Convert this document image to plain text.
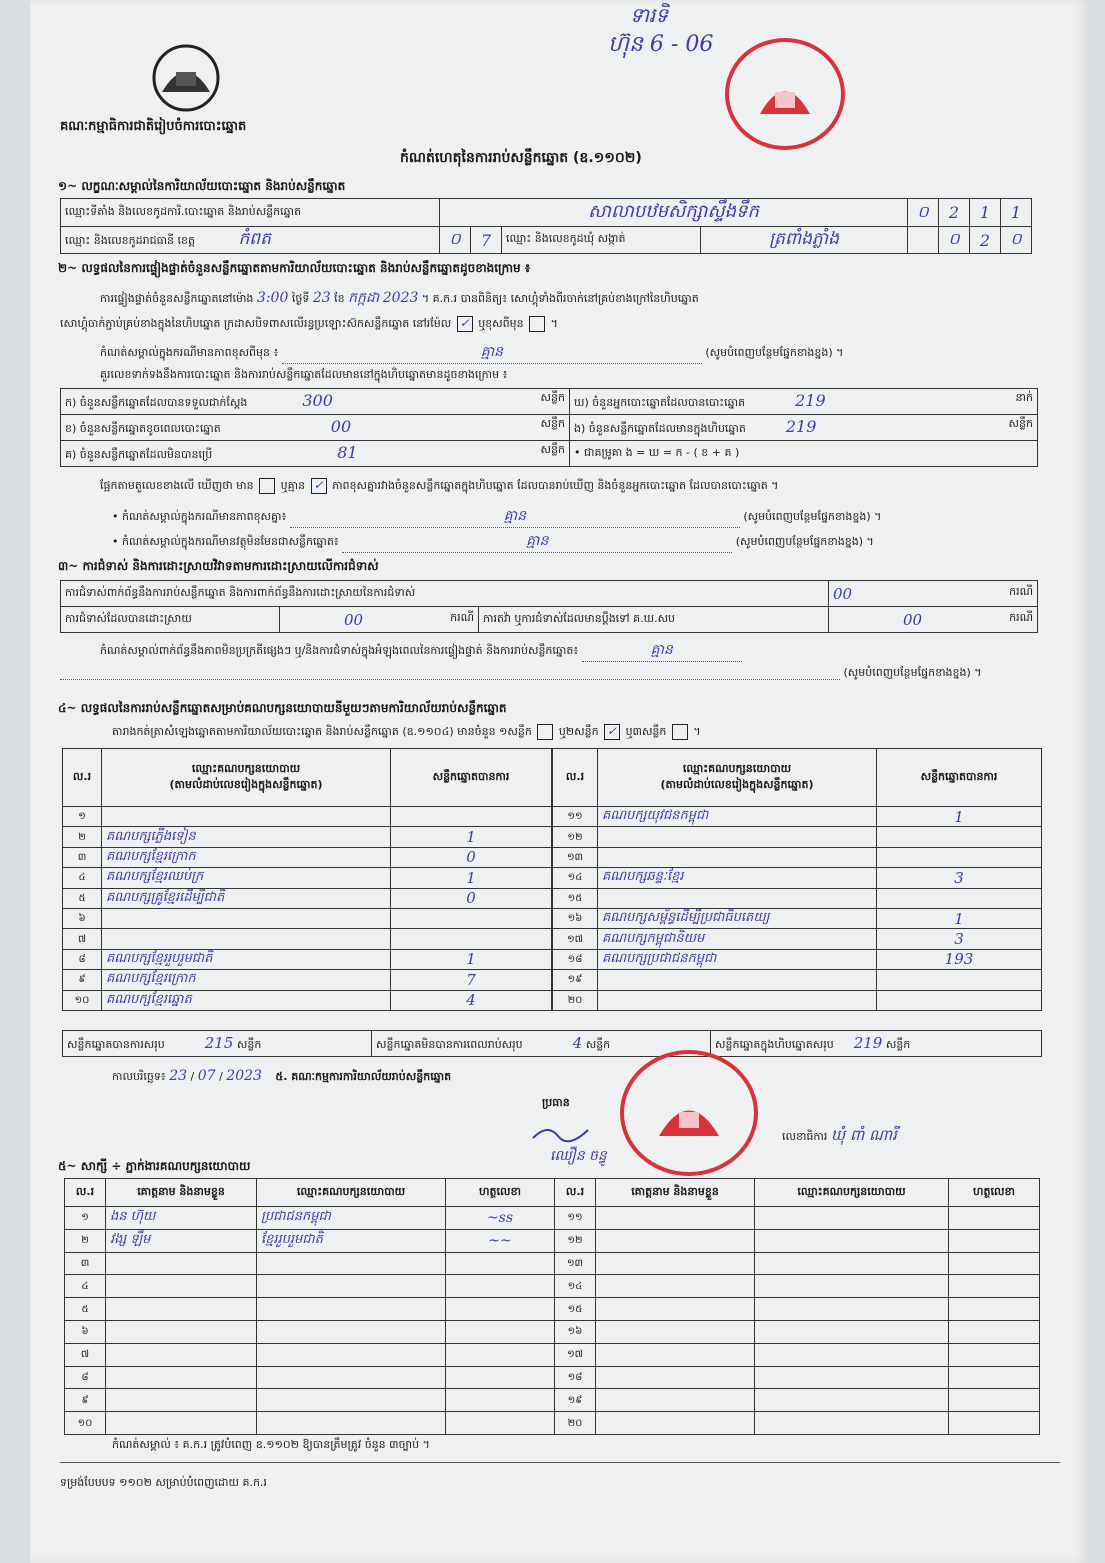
គណៈកម្មាធិការជាតិរៀបចំការបោះឆ្នោត
ទារទិ
ហ៊ុន 6 - 06
កំណត់ហេតុនៃការរាប់សន្លឹកឆ្នោត (ឧ.១១០២)
១~ លក្ខណៈសម្គាល់នៃការិយាល័យបោះឆ្នោត និងរាប់សន្លឹកឆ្នោត
ឈ្មោះទីតាំង និងលេខកូដការិ.បោះឆ្នោត និងរាប់សន្លឹកឆ្នោត	សាលាបឋមសិក្សាស្ទឹងទឹក				០	2	1	1
ឈ្មោះ និងលេខកូដរាជធានី ខេត្ត កំពត	០	7	ឈ្មោះ និងលេខកូដឃុំ សង្កាត់	ត្រពាំងភ្លាំង		០	2	០
២~ លទ្ធផលនៃការផ្ទៀងផ្ទាត់ចំនួនសន្លឹកឆ្នោតតាមការិយាល័យបោះឆ្នោត និងរាប់សន្លឹកឆ្នោតដូចខាងក្រោម ៖
ការផ្ទៀងផ្ទាត់ចំនួនសន្លឹកឆ្នោតនៅម៉ោង 3:00 ថ្ងៃទី 23 ខែ កក្កដា 2023 ។ គ.ក.រ បានពិនិត្យ៖ សោហ្គុំទាំងពីរចាក់នៅគ្រប់ខាងក្រៅនៃហិបឆ្នោត
សោហ្គុំចាក់ភ្ជាប់គ្រប់ខាងក្នុងនៃហិបឆ្នោត ក្រដាសបិទពាសលើរន្ធប្រឡោះស៊កសន្លឹកឆ្នោត នៅរម៉ែល ✓ ឬខុសពីមុន  ។
កំណត់សម្គាល់ក្នុងករណីមានភាពខុសពីមុន ៖	គ្មាន	(សូមបំពេញបន្ថែមផ្នែកខាងខ្នង) ។
គួរលេខទាក់ទងនឹងការបោះឆ្នោត និងការរាប់សន្លឹកឆ្នោតដែលមាននៅក្នុងហិបឆ្នោតមានដូចខាងក្រោម ៖
ក) ចំនួនសន្លឹកឆ្នោតដែលបានទទួលជាក់ស្តែង 300 សន្លឹក	ឃ) ចំនួនអ្នកបោះឆ្នោតដែលបានបោះឆ្នោត 219 នាក់

ខ) ចំនួនសន្លឹកឆ្នោតខូចពេលបោះឆ្នោត 00 សន្លឹក	ង) ចំនួនសន្លឹកឆ្នោតដែលមានក្នុងហិបឆ្នោត 219 សន្លឹក

គ) ចំនួនសន្លឹកឆ្នោតដែលមិនបានប្រើ 81 សន្លឹក	• ជាគម្រូគា ង = ឃ = ក - ( ខ + គ )
ផ្អែកតាមតួលេខខាងលើ ឃើញថា មាន ឬគ្មាន ✓ ភាពខុសគ្នារវាងចំនួនសន្លឹកឆ្នោតក្នុងហិបឆ្នោត ដែលបានរាប់ឃើញ និងចំនួនអ្នកបោះឆ្នោត ដែលបានបោះឆ្នោត ។
• កំណត់សម្គាល់ក្នុងករណីមានភាពខុសគ្នា៖	គ្មាន	(សូមបំពេញបន្ថែមផ្នែកខាងខ្នង) ។
• កំណត់សម្គាល់ក្នុងករណីមានវត្ថុមិនមែនជាសន្លឹកឆ្នោត៖	គ្មាន	(សូមបំពេញបន្ថែមផ្នែកខាងខ្នង) ។
៣~ ការជំទាស់ និងការដោះស្រាយវិវាទតាមការដោះស្រាយលើការជំទាស់
ការជំទាស់ពាក់ព័ន្ធនឹងការរាប់សន្លឹកឆ្នោត និងការពាក់ព័ន្ធនឹងការដោះស្រាយនៃការជំទាស់			00 ករណី

ការជំទាស់ដែលបានដោះស្រាយ	00 ករណី	ការតវ៉ា ឬការជំទាស់ដែលមានប្តឹងទៅ គ.ឃ.សប	00 ករណី
កំណត់សម្គាល់ពាក់ព័ន្ធនឹងភាពមិនប្រក្រតីផ្សេងៗ ឬ/និងការជំទាស់ក្នុងអំឡុងពេលនៃការផ្ទៀងផ្ទាត់ និងការរាប់សន្លឹកឆ្នោត៖	គ្មាន
(សូមបំពេញបន្ថែមផ្នែកខាងខ្នង) ។
៤~ លទ្ធផលនៃការរាប់សន្លឹកឆ្នោតសម្រាប់គណបក្សនយោបាយនីមួយៗតាមការិយាល័យរាប់សន្លឹកឆ្នោត
តារាងកត់ត្រាសំឡេងឆ្នោតតាមការិយាល័យបោះឆ្នោត និងរាប់សន្លឹកឆ្នោត (ឧ.១១០៤) មានចំនួន ១សន្លឹក ឬ២សន្លឹក ✓ ឬ៣សន្លឹក  ។
ល.រ	ឈ្មោះគណបក្សនយោបាយ
(តាមលំដាប់លេខរៀងក្នុងសន្លឹកឆ្នោត)	សន្លឹកឆ្នោតបានការ
១		
២	គណបក្សភ្លើងទៀន	1
៣	គណបក្សខ្មែរក្រោក	0
៤	គណបក្សខ្មែរឈប់ក្រ	1
៥	គណបក្សគ្រូខ្មែរដើម្បីជាតិ	0
៦		
៧		
៨	គណបក្សខ្មែររួបរួមជាតិ	1
៩	គណបក្សខ្មែរក្រោក	7
១០	គណបក្សខ្មែរឆ្នោត	4
ល.រ	ឈ្មោះគណបក្សនយោបាយ
(តាមលំដាប់លេខរៀងក្នុងសន្លឹកឆ្នោត)	សន្លឹកឆ្នោតបានការ
១១	គណបក្សយុវជនកម្ពុជា	1
១២		
១៣		
១៤	គណបក្សឆន្ទៈខ្មែរ	3
១៥		
១៦	គណបក្សសម្ព័ន្ធដើម្បីប្រជាធិបតេយ្យ	1
១៧	គណបក្សកម្ពុជានិយម	3
១៨	គណបក្សប្រជាជនកម្ពុជា	193
១៩		
២០		
សន្លឹកឆ្នោតបានការសរុប	215 សន្លឹក	សន្លឹកឆ្នោតមិនបានការពេលរាប់សរុប	4 សន្លឹក	សន្លឹកឆ្នោតក្នុងហិបឆ្នោតសរុប 219 សន្លឹក
កាលបរិច្ឆេទ៖ 23 / 07 / 2023 ៥. គណៈកម្មការការិយាល័យរាប់សន្លឹកឆ្នោត
ប្រធាន
ឈឿន ចន្ធូ
លេខាធិការ ឃុំ ពាំ ណារី
៥~ សាក្សី ÷ ភ្នាក់ងារគណបក្សនយោបាយ
ល.រ	គោត្តនាម និងនាមខ្លួន	ឈ្មោះគណបក្សនយោបាយ	ហត្ថលេខា	ល.រ	គោត្តនាម និងនាមខ្លួន	ឈ្មោះគណបក្សនយោបាយ	ហត្ថលេខា
១	ងន ហ៊ុយ	ប្រជាជនកម្ពុជា	~ss	១១			
២	វង្ស ឡឹម	ខ្មែររួបរួមជាតិ	~~	១២			
៣				១៣			
៤				១៤			
៥				១៥			
៦				១៦			
៧				១៧			
៨				១៨			
៩				១៩			
១០				២០			
កំណត់សម្គាល់ ៖ គ.ក.រ ត្រូវបំពេញ ឧ.១១០២ ឱ្យបានត្រឹមត្រូវ ចំនួន ៣ច្បាប់ ។
ទម្រង់បែបបទ ១១០២ សម្រាប់បំពេញដោយ គ.ក.រ
